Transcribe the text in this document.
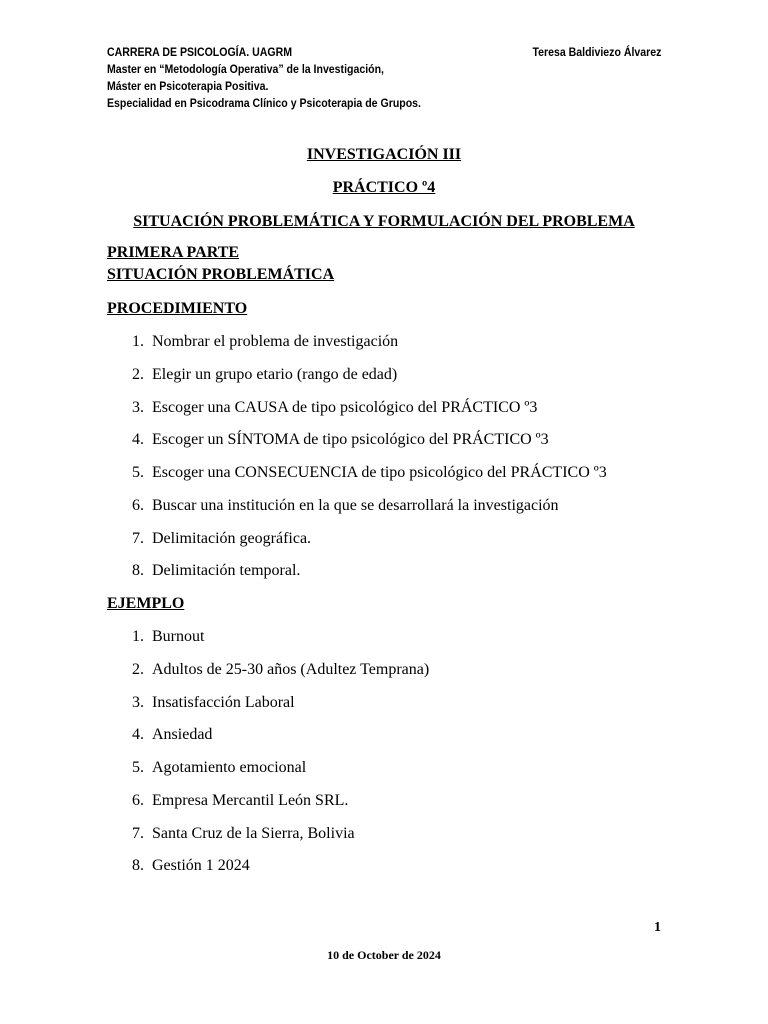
CARRERA DE PSICOLOGÍA. UAGRM	Teresa Baldiviezo Álvarez
Master en “Metodología Operativa” de la Investigación,
Máster en Psicoterapia Positiva.
Especialidad en Psicodrama Clínico y Psicoterapia de Grupos.
INVESTIGACIÓN III
PRÁCTICO º4
SITUACIÓN PROBLEMÁTICA Y FORMULACIÓN DEL PROBLEMA
PRIMERA PARTE
SITUACIÓN PROBLEMÁTICA
PROCEDIMIENTO
1.  Nombrar el problema de investigación
2.  Elegir un grupo etario (rango de edad)
3.  Escoger una CAUSA de tipo psicológico del PRÁCTICO º3
4.  Escoger un SÍNTOMA de tipo psicológico del PRÁCTICO º3
5.  Escoger una CONSECUENCIA de tipo psicológico del PRÁCTICO º3
6.  Buscar una institución en la que se desarrollará la investigación
7.  Delimitación geográfica.
8.  Delimitación temporal.
EJEMPLO
1.  Burnout
2.  Adultos de 25-30 años (Adultez Temprana)
3.  Insatisfacción Laboral
4.  Ansiedad
5.  Agotamiento emocional
6.  Empresa Mercantil León SRL.
7.  Santa Cruz de la Sierra, Bolivia
8.  Gestión 1 2024
1
10 de October de 2024
